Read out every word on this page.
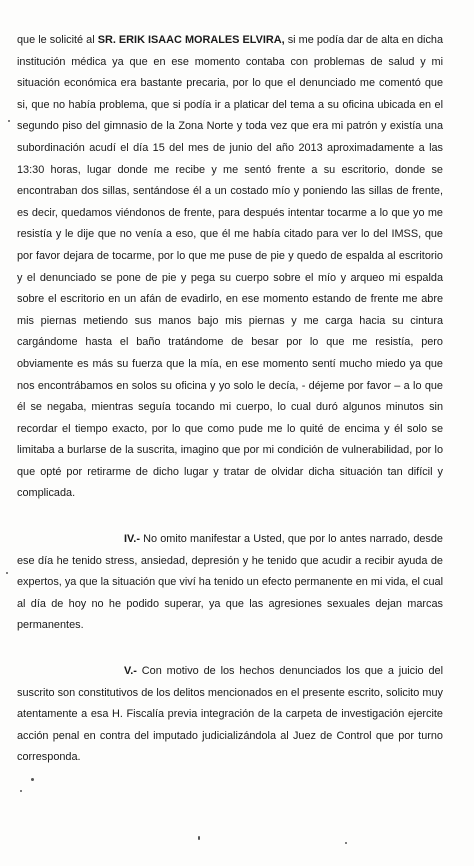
que le solicité al SR. ERIK ISAAC MORALES ELVIRA, si me podía dar de alta en dicha institución médica ya que en ese momento contaba con problemas de salud y mi situación económica era bastante precaria, por lo que el denunciado me comentó que si, que no había problema, que si podía ir a platicar del tema a su oficina ubicada en el segundo piso del gimnasio de la Zona Norte y toda vez que era mi patrón y existía una subordinación acudí el día 15 del mes de junio del año 2013 aproximadamente a las 13:30 horas, lugar donde me recibe y me sentó frente a su escritorio, donde se encontraban dos sillas, sentándose él a un costado mío y poniendo las sillas de frente, es decir, quedamos viéndonos de frente, para después intentar tocarme a lo que yo me resistía y le dije que no venía a eso, que él me había citado para ver lo del IMSS, que por favor dejara de tocarme, por lo que me puse de pie y quedo de espalda al escritorio y el denunciado se pone de pie y pega su cuerpo sobre el mío y arqueo mi espalda sobre el escritorio en un afán de evadirlo, en ese momento estando de frente me abre mis piernas metiendo sus manos bajo mis piernas y me carga hacia su cintura cargándome hasta el baño tratándome de besar por lo que me resistía, pero obviamente es más su fuerza que la mía, en ese momento sentí mucho miedo ya que nos encontrábamos en solos su oficina y yo solo le decía, - déjeme por favor – a lo que él se negaba, mientras seguía tocando mi cuerpo, lo cual duró algunos minutos sin recordar el tiempo exacto, por lo que como pude me lo quité de encima y él solo se limitaba a burlarse de la suscrita, imagino que por mi condición de vulnerabilidad, por lo que opté por retirarme de dicho lugar y tratar de olvidar dicha situación tan difícil y complicada.

IV.- No omito manifestar a Usted, que por lo antes narrado, desde ese día he tenido stress, ansiedad, depresión y he tenido que acudir a recibir ayuda de expertos, ya que la situación que viví ha tenido un efecto permanente en mi vida, el cual al día de hoy no he podido superar, ya que las agresiones sexuales dejan marcas permanentes.

V.- Con motivo de los hechos denunciados los que a juicio del suscrito son constitutivos de los delitos mencionados en el presente escrito, solicito muy atentamente a esa H. Fiscalía previa integración de la carpeta de investigación ejercite acción penal en contra del imputado judicializándola al Juez de Control que por turno corresponda.
